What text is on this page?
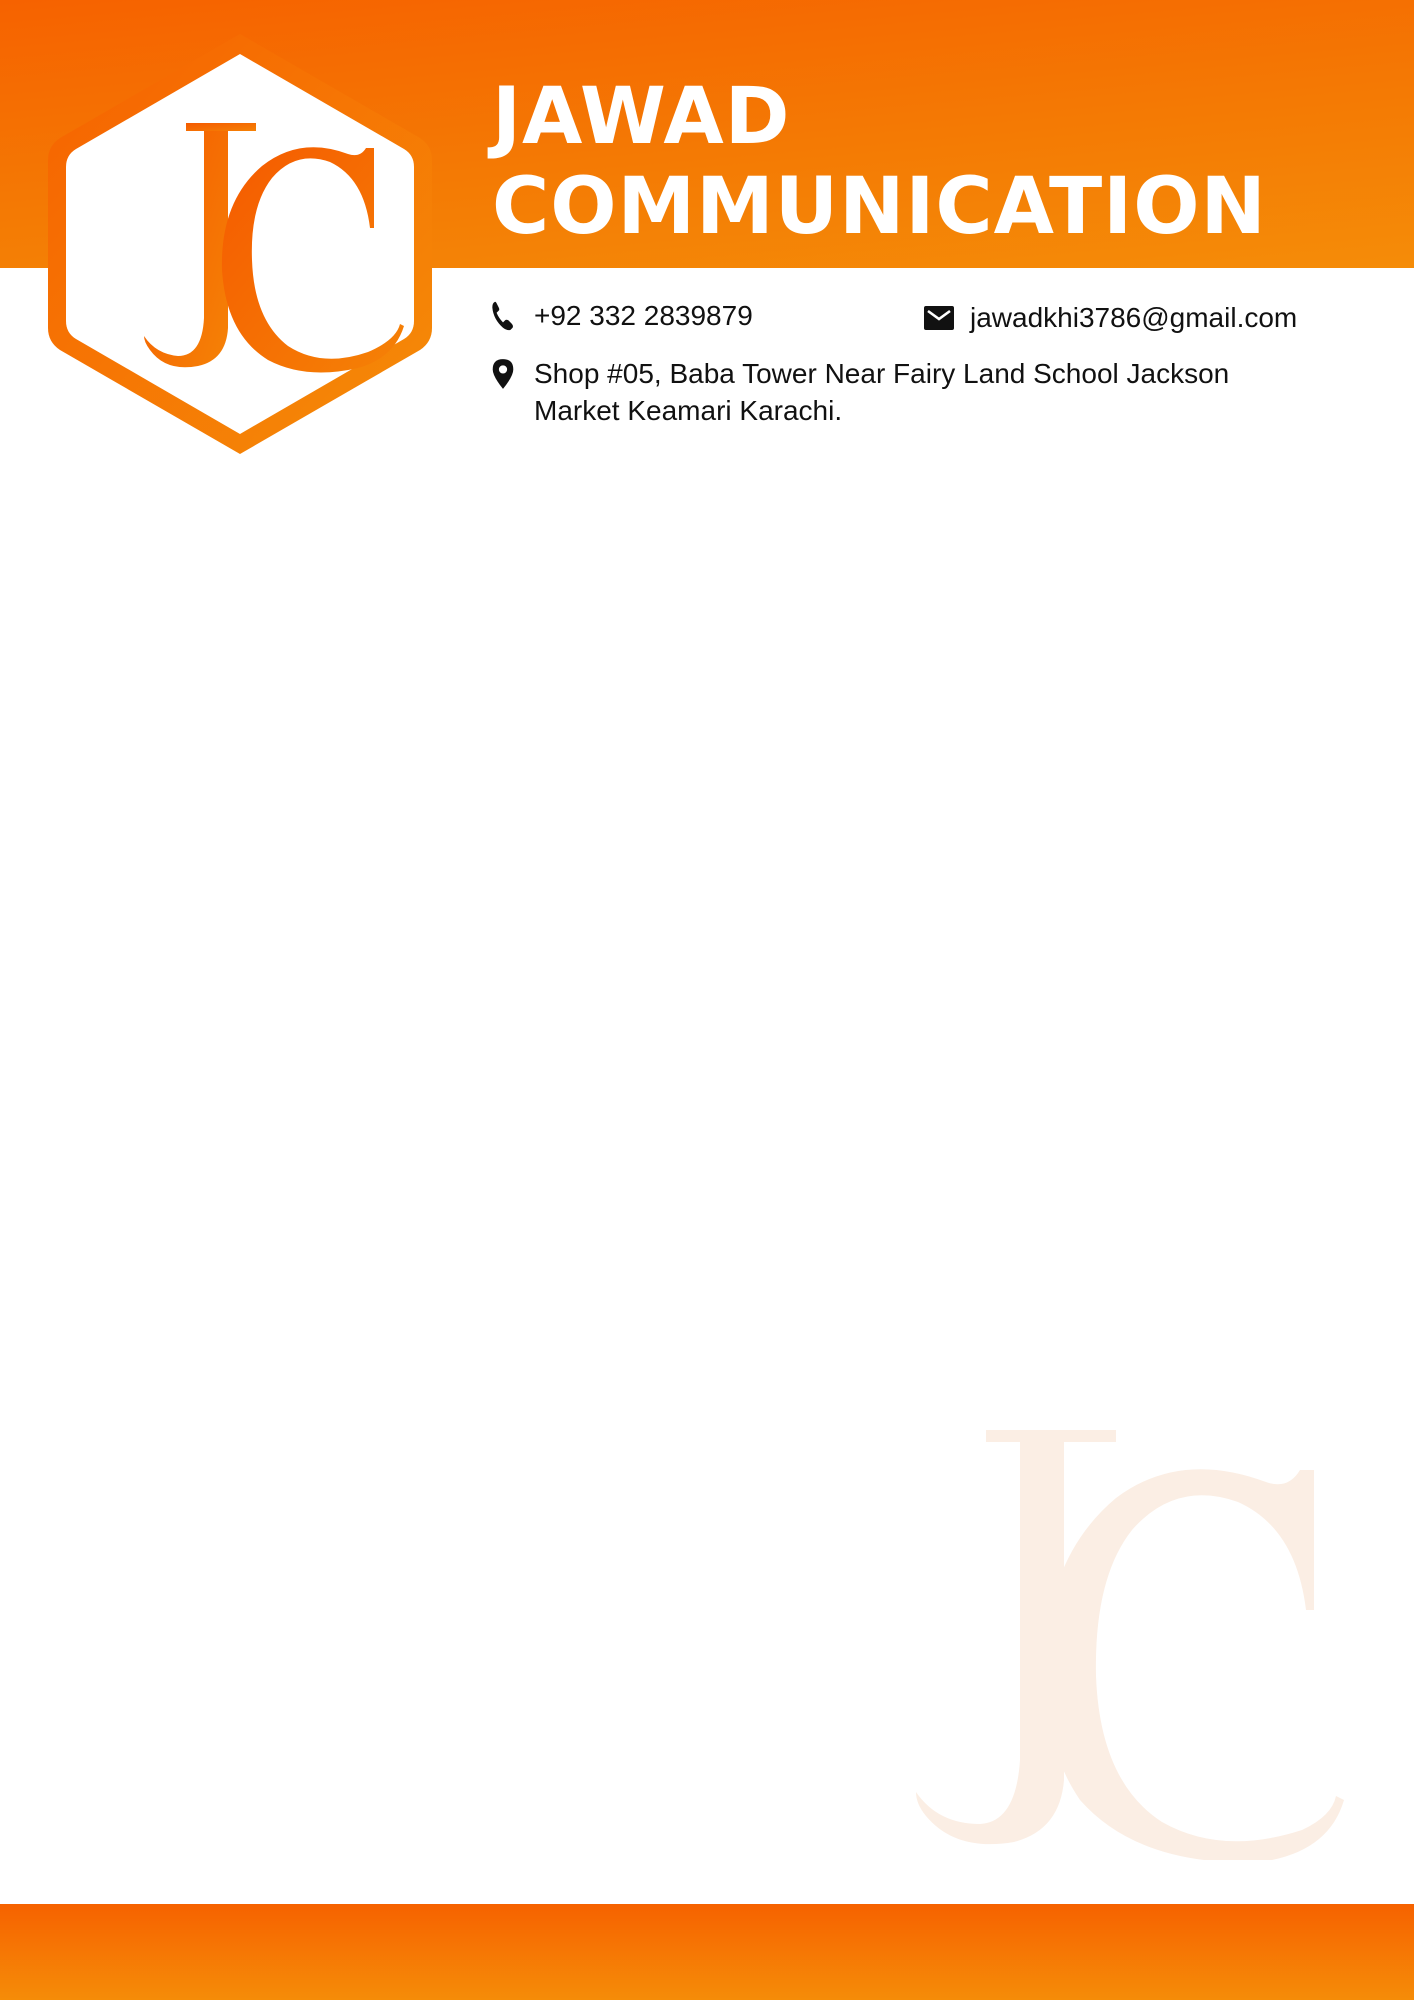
JAWAD
COMMUNICATION
+92 332 2839879	jawadkhi3786@gmail.com
Shop #05, Baba Tower Near Fairy Land School Jackson
Market Keamari Karachi.
